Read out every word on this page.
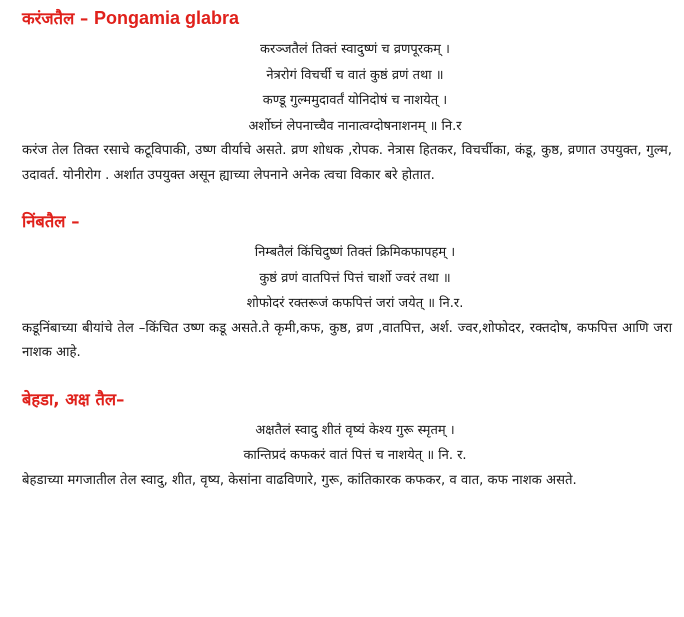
करंजतैल – Pongamia glabra
करञ्जतैलं तिक्तं स्वादुष्णं च व्रणपूरकम् ।
नेत्ररोगं विचर्ची च वातं कुष्ठं व्रणं तथा ॥
कण्डू गुल्ममुदावर्तं योनिदोषं च नाशयेत् ।
अर्शोघ्नं लेपनाच्चैव नानात्वग्दोषनाशनम् ॥ नि.र

करंज तेल तिक्त रसाचे कटूविपाकी, उष्ण वीर्याचे असते. व्रण शोधक ,रोपक. नेत्रास हितकर, विचर्चीका, कंडू, कुष्ठ, व्रणात उपयुक्त, गुल्म, उदावर्त. योनीरोग . अर्शात उपयुक्त असून ह्याच्या लेपनाने अनेक त्वचा विकार बरे होतात.

निंबतैल –
निम्बतैलं किंचिदुष्णं तिक्तं क्रिमिकफापहम् ।
कुष्ठं व्रणं वातपित्तं पित्तं चार्शो ज्वरं तथा ॥
शोफोदरं रक्तरूजं कफपित्तं जरां जयेत् ॥ नि.र.

कडूनिंबाच्या बीयांचे तेल –किंचित उष्ण कडू असते.ते कृमी,कफ, कुष्ठ, व्रण ,वातपित्त, अर्श. ज्वर,शोफोदर, रक्तदोष, कफपित्त आणि जरा नाशक आहे.

बेहडा, अक्ष तैल–
अक्षतैलं स्वादु शीतं वृष्यं केश्य गुरू स्मृतम् ।
कान्तिप्रदं कफकरं वातं पित्तं च नाशयेत् ॥ नि. र.

बेहडाच्या मगजातील तेल स्वादु, शीत, वृष्य, केसांना वाढविणारे, गुरू, कांतिकारक कफकर, व वात, कफ नाशक असते.
